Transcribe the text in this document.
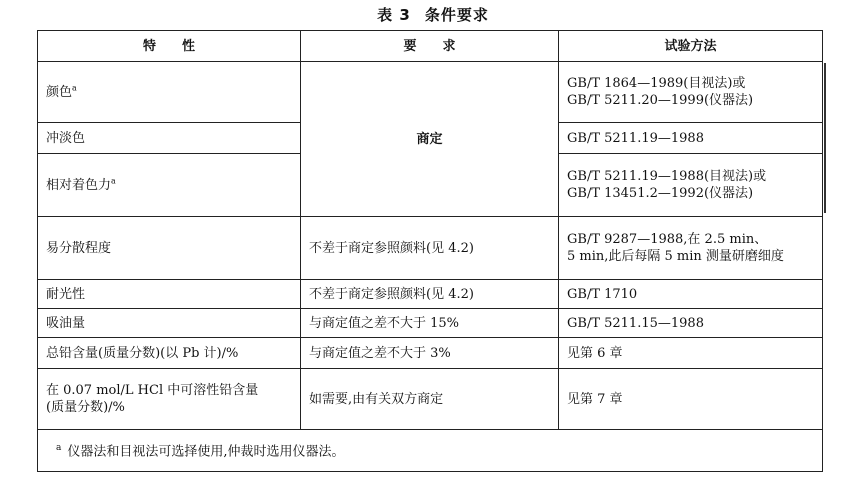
表 3 条件要求
特　　性	要　　求	试验方法
颜色$^a$	商定	GB/T 1864—1989(目视法)或
GB/T 5211.20—1999(仪器法)

冲淡色		GB/T 5211.19—1988

相对着色力$^a$		GB/T 5211.19—1988(目视法)或
GB/T 13451.2—1992(仪器法)

易分散程度	不差于商定参照颜料(见 4.2)	GB/T 9287—1988,在 2.5 min、
5 min,此后每隔 5 min 测量研磨细度

耐光性	不差于商定参照颜料(见 4.2)	GB/T 1710

吸油量	与商定值之差不大于 15%	GB/T 5211.15—1988

总铅含量(质量分数)(以 Pb 计)/%	与商定值之差不大于 3%	见第 6 章

在 0.07 mol/L HCl 中可溶性铅含量
(质量分数)/%	如需要,由有关双方商定	见第 7 章

$^a$ 仪器法和目视法可选择使用,仲裁时选用仪器法。		
